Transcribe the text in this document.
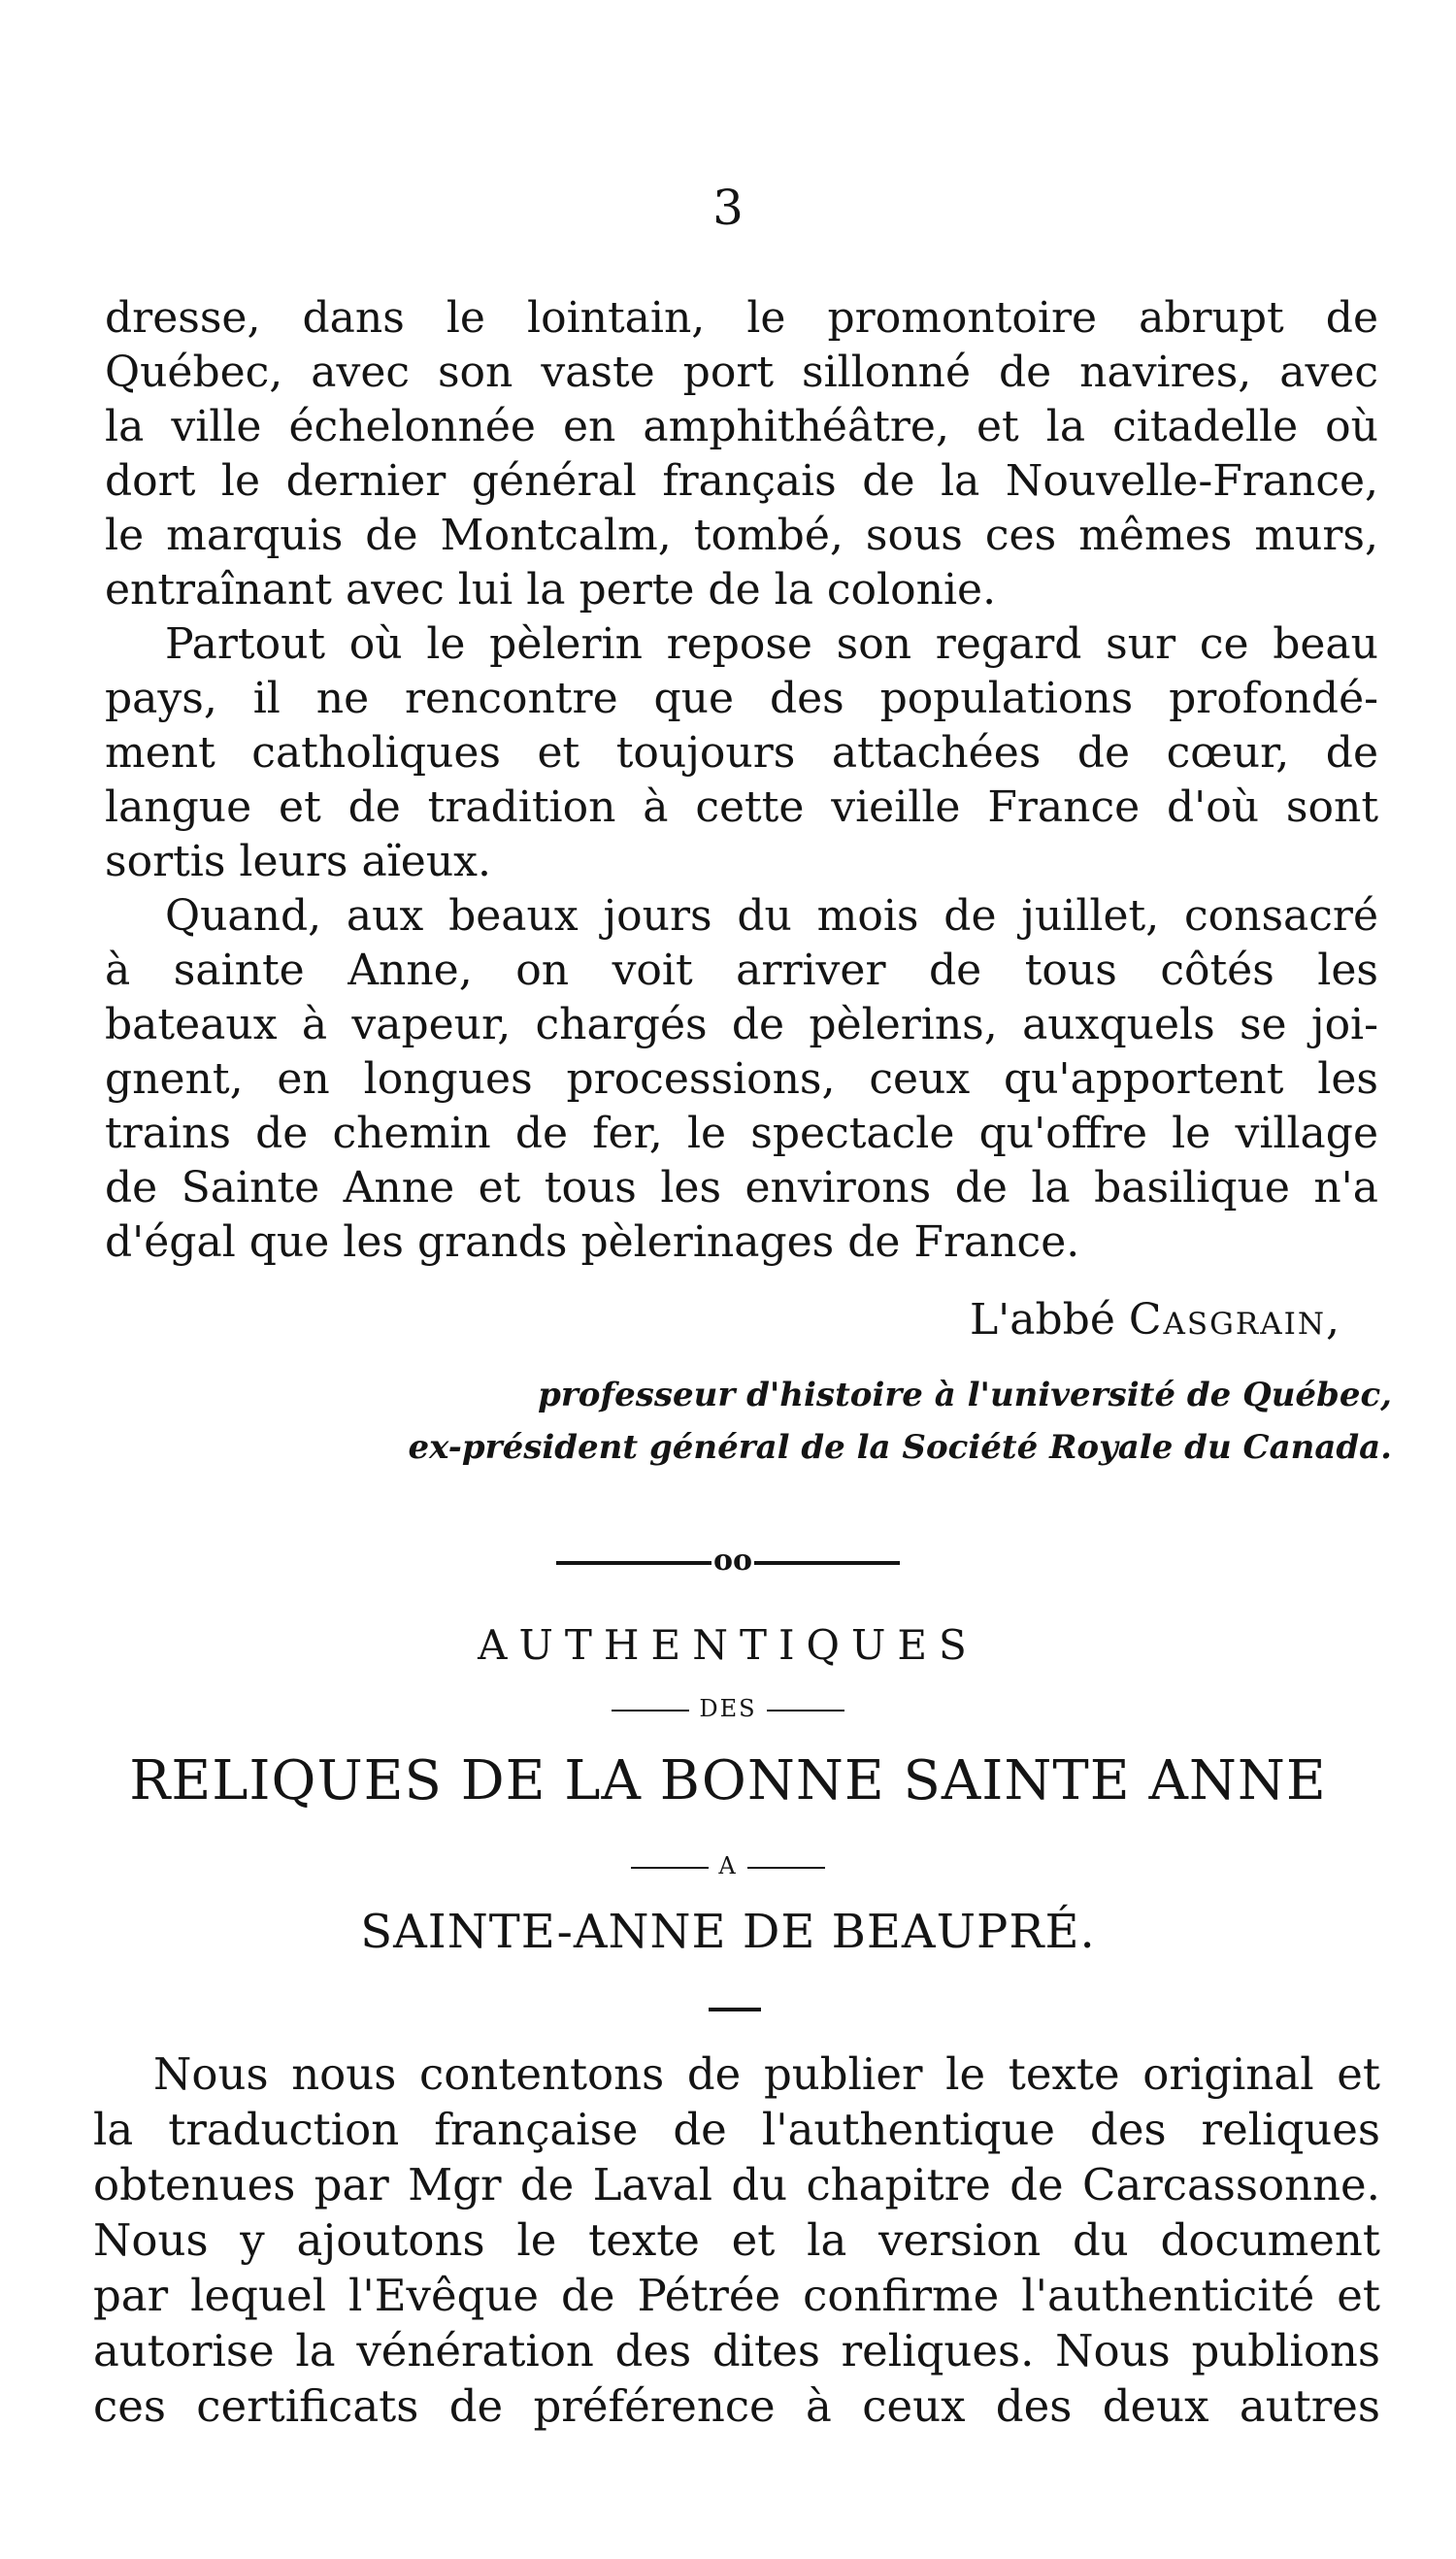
3
dresse, dans le lointain, le promontoire abrupt de
Québec, avec son vaste port sillonné de navires, avec
la ville échelonnée en amphithéâtre, et la citadelle où
dort le dernier général français de la Nouvelle-France,
le marquis de Montcalm, tombé, sous ces mêmes murs,
entraînant avec lui la perte de la colonie.
Partout où le pèlerin repose son regard sur ce beau
pays, il ne rencontre que des populations profondé-
ment catholiques et toujours attachées de cœur, de
langue et de tradition à cette vieille France d'où sont
sortis leurs aïeux.
Quand, aux beaux jours du mois de juillet, consacré
à sainte Anne, on voit arriver de tous côtés les
bateaux à vapeur, chargés de pèlerins, auxquels se joi-
gnent, en longues processions, ceux qu'apportent les
trains de chemin de fer, le spectacle qu'offre le village
de Sainte Anne et tous les environs de la basilique n'a
d'égal que les grands pèlerinages de France.
L'abbé Casgrain,
professeur d'histoire à l'université de Québec,
ex-président général de la Société Royale du Canada.
oo
AUTHENTIQUES
DES
RELIQUES DE LA BONNE SAINTE ANNE
A
SAINTE-ANNE DE BEAUPRÉ.
Nous nous contentons de publier le texte original et
la traduction française de l'authentique des reliques
obtenues par Mgr de Laval du chapitre de Carcassonne.
Nous y ajoutons le texte et la version du document
par lequel l'Evêque de Pétrée confirme l'authenticité et
autorise la vénération des dites reliques. Nous publions
ces certificats de préférence à ceux des deux autres
